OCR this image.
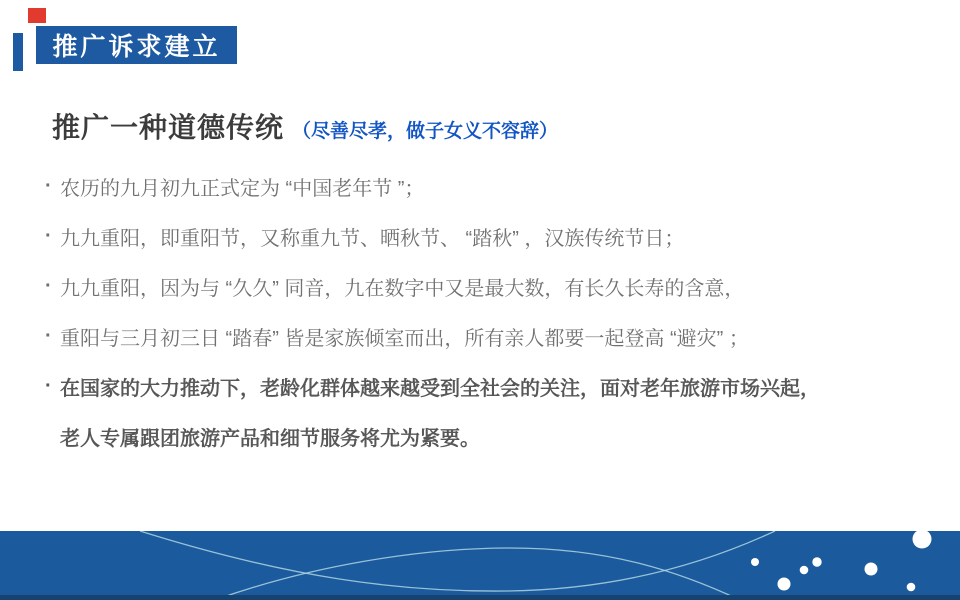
推广诉求建立
推广一种道德传统 （尽善尽孝，做子女义不容辞）
· 农历的九月初九正式定为 “中国老年节 ”；
· 九九重阳，即重阳节，又称重九节、晒秋节、 “踏秋” ，汉族传统节日；
· 九九重阳，因为与 “久久” 同音，九在数字中又是最大数，有长久长寿的含意，
· 重阳与三月初三日 “踏春” 皆是家族倾室而出，所有亲人都要一起登高 “避灾” ；
· 在国家的大力推动下，老龄化群体越来越受到全社会的关注，面对老年旅游市场兴起，
老人专属跟团旅游产品和细节服务将尤为紧要。
